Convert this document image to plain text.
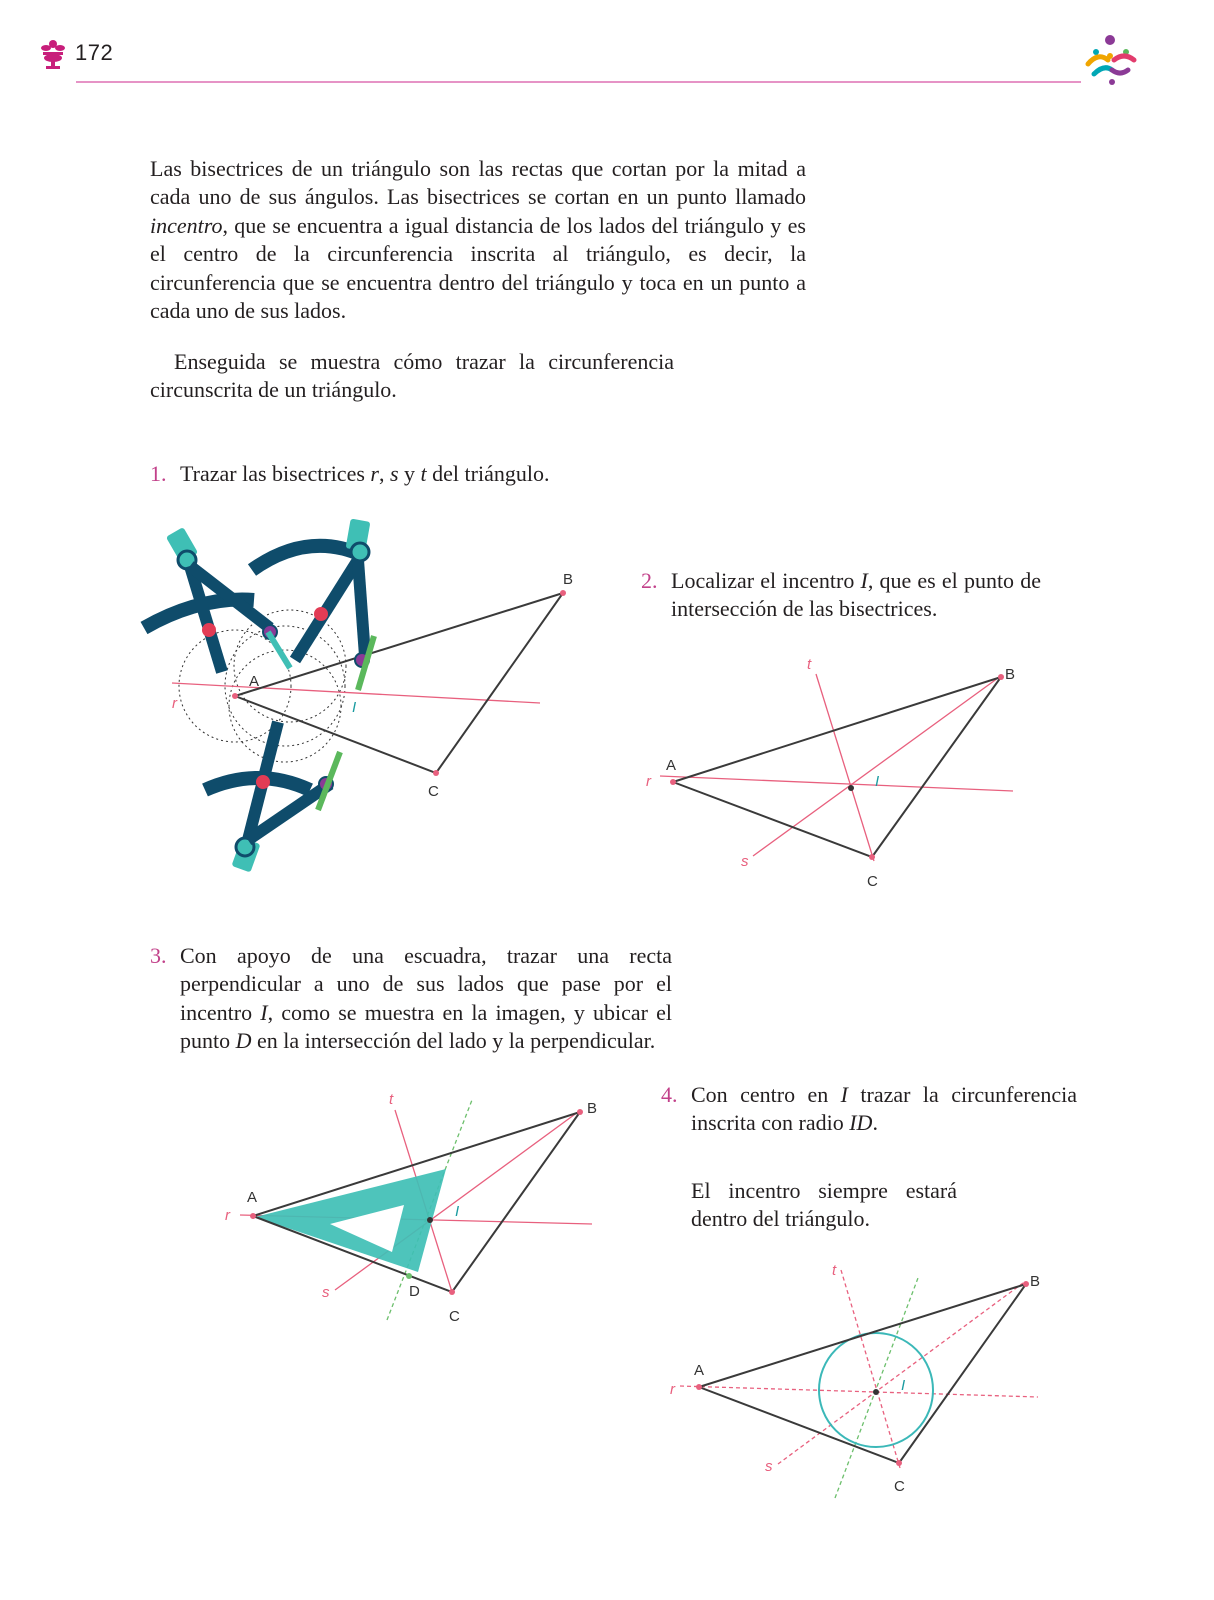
172

Las bisectrices de un triángulo son las rectas que cortan por la mitad a cada uno de sus ángulos. Las bisectrices se cortan en un punto llamado incentro, que se encuentra a igual distancia de los lados del triángulo y es el centro de la circunferencia inscrita al triángulo, es decir, la circunferencia que se encuentra dentro del triángulo y toca en un punto a cada uno de sus lados.

Enseguida se muestra cómo trazar la circunferencia circunscrita de un triángulo.

1. Trazar las bisectrices r, s y t del triángulo.

A
B
C
r	I

2. Localizar el incentro I, que es el punto de intersección de las bisectrices.

A
B
C
r
s
t
I

3. Con apoyo de una escuadra, trazar una recta perpendicular a uno de sus lados que pase por el incentro I, como se muestra en la imagen, y ubicar el punto D en la intersección del lado y la perpendicular.

A
B
C
D
r
s
t
I

4. Con centro en I trazar la circunferencia inscrita con radio ID.

El incentro siempre estará dentro del triángulo.

A
B
C
r
s
t
I
